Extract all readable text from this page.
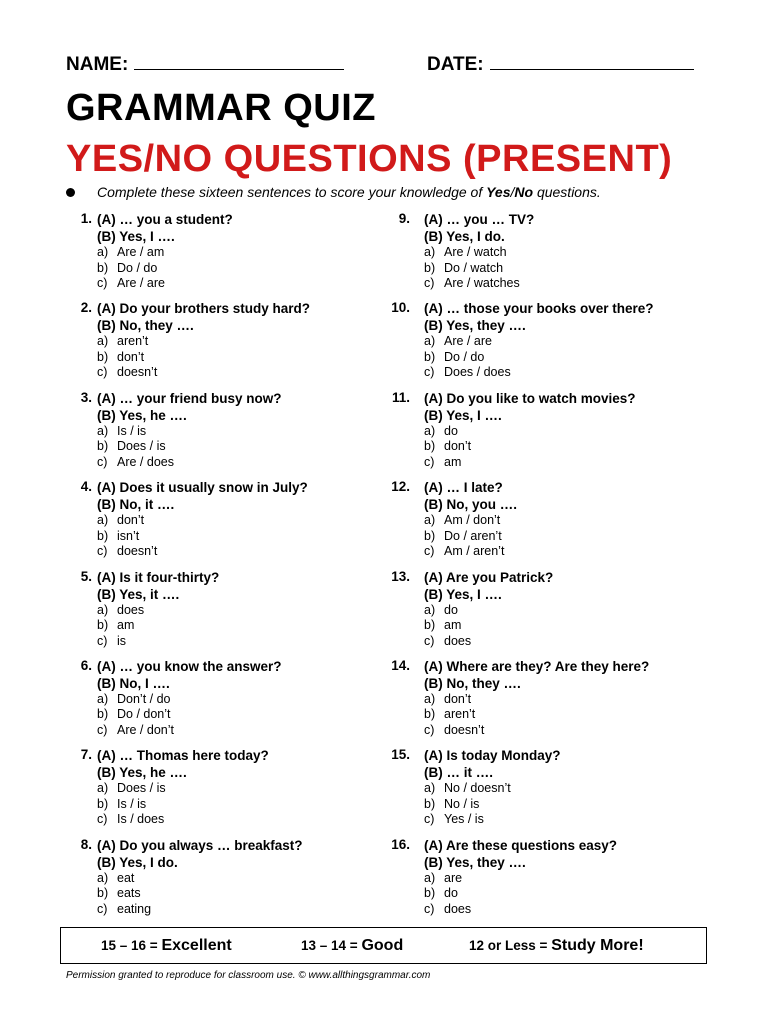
NAME:	DATE:
GRAMMAR QUIZ
YES/NO QUESTIONS (PRESENT)
Complete these sixteen sentences to score your knowledge of Yes/No questions.
1. (A) … you a student?
(B) Yes, I ….
a) Are / am
b) Do / do
c) Are / are
2. (A) Do your brothers study hard?
(B) No, they ….
a) aren’t
b) don’t
c) doesn’t
3. (A) … your friend busy now?
(B) Yes, he ….
a) Is / is
b) Does / is
c) Are / does
4. (A) Does it usually snow in July?
(B) No, it ….
a) don’t
b) isn’t
c) doesn’t
5. (A) Is it four-thirty?
(B) Yes, it ….
a) does
b) am
c) is
6. (A) … you know the answer?
(B) No, I ….
a) Don’t / do
b) Do / don’t
c) Are / don’t
7. (A) … Thomas here today?
(B) Yes, he ….
a) Does / is
b) Is / is
c) Is / does
8. (A) Do you always … breakfast?
(B) Yes, I do.
a) eat
b) eats
c) eating
9. (A) … you … TV?
(B) Yes, I do.
a) Are / watch
b) Do / watch
c) Are / watches
10. (A) … those your books over there?
(B) Yes, they ….
a) Are / are
b) Do / do
c) Does / does
11. (A) Do you like to watch movies?
(B) Yes, I ….
a) do
b) don’t
c) am
12. (A) … I late?
(B) No, you ….
a) Am / don’t
b) Do / aren’t
c) Am / aren’t
13. (A) Are you Patrick?
(B) Yes, I ….
a) do
b) am
c) does
14. (A) Where are they? Are they here?
(B) No, they ….
a) don’t
b) aren’t
c) doesn’t
15. (A) Is today Monday?
(B) … it ….
a) No / doesn’t
b) No / is
c) Yes / is
16. (A) Are these questions easy?
(B) Yes, they ….
a) are
b) do
c) does
15 – 16 = Excellent	13 – 14 = Good	12 or Less = Study More!
Permission granted to reproduce for classroom use. © www.allthingsgrammar.com
